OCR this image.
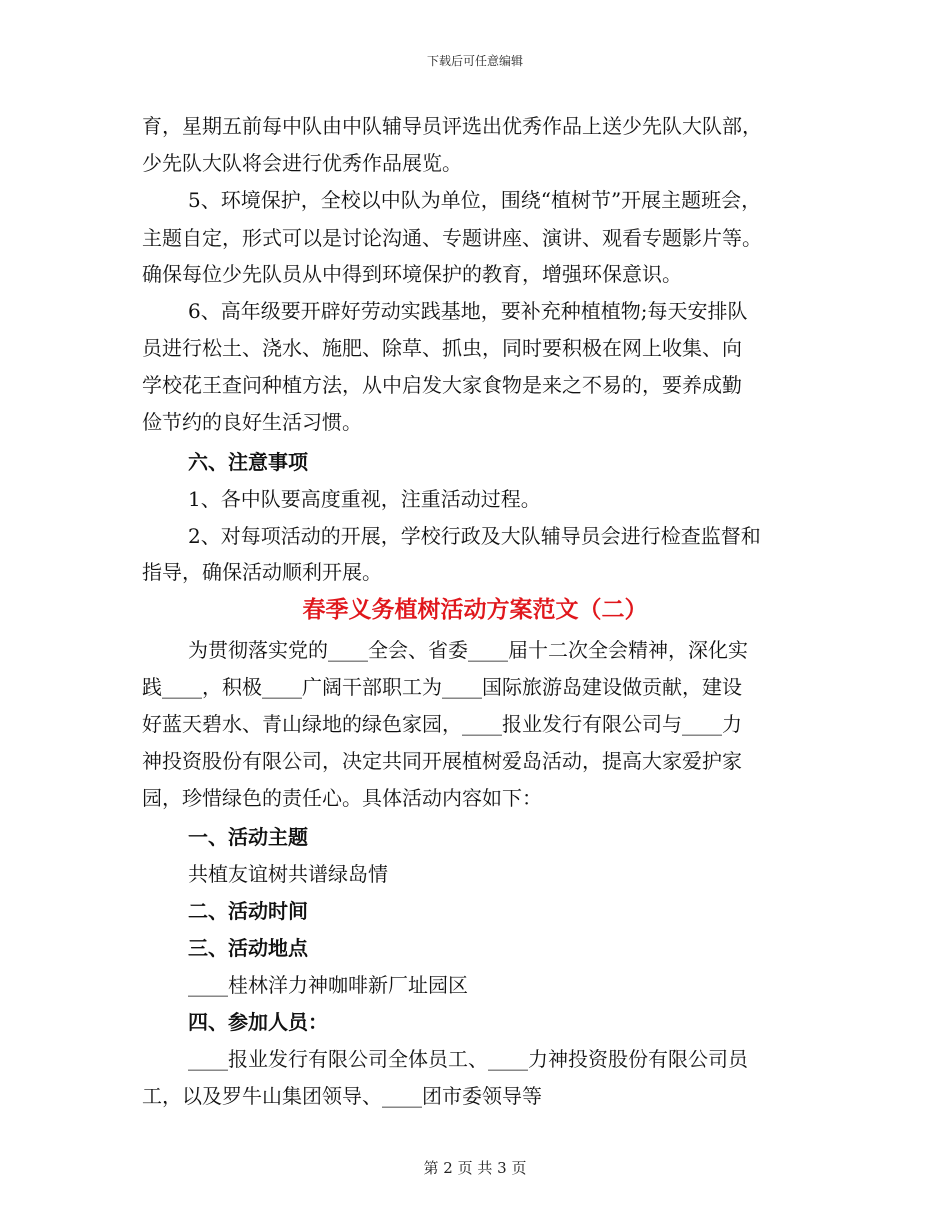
下载后可任意编辑
育，星期五前每中队由中队辅导员评选出优秀作品上送少先队大队部，
少先队大队将会进行优秀作品展览。
5、环境保护，全校以中队为单位，围绕“植树节”开展主题班会，
主题自定，形式可以是讨论沟通、专题讲座、演讲、观看专题影片等。
确保每位少先队员从中得到环境保护的教育，增强环保意识。
6、高年级要开辟好劳动实践基地，要补充种植植物;每天安排队
员进行松土、浇水、施肥、除草、抓虫，同时要积极在网上收集、向
学校花王查问种植方法，从中启发大家食物是来之不易的，要养成勤
俭节约的良好生活习惯。
六、注意事项
1、各中队要高度重视，注重活动过程。
2、对每项活动的开展，学校行政及大队辅导员会进行检查监督和
指导，确保活动顺利开展。
春季义务植树活动方案范文（二）
为贯彻落实党的____全会、省委____届十二次全会精神，深化实
践____，积极____广阔干部职工为____国际旅游岛建设做贡献，建设
好蓝天碧水、青山绿地的绿色家园，____报业发行有限公司与____力
神投资股份有限公司，决定共同开展植树爱岛活动，提高大家爱护家
园，珍惜绿色的责任心。具体活动内容如下：
一、活动主题
共植友谊树共谱绿岛情
二、活动时间
三、活动地点
____桂林洋力神咖啡新厂址园区
四、参加人员：
____报业发行有限公司全体员工、____力神投资股份有限公司员
工，以及罗牛山集团领导、____团市委领导等
第 2 页 共 3 页
